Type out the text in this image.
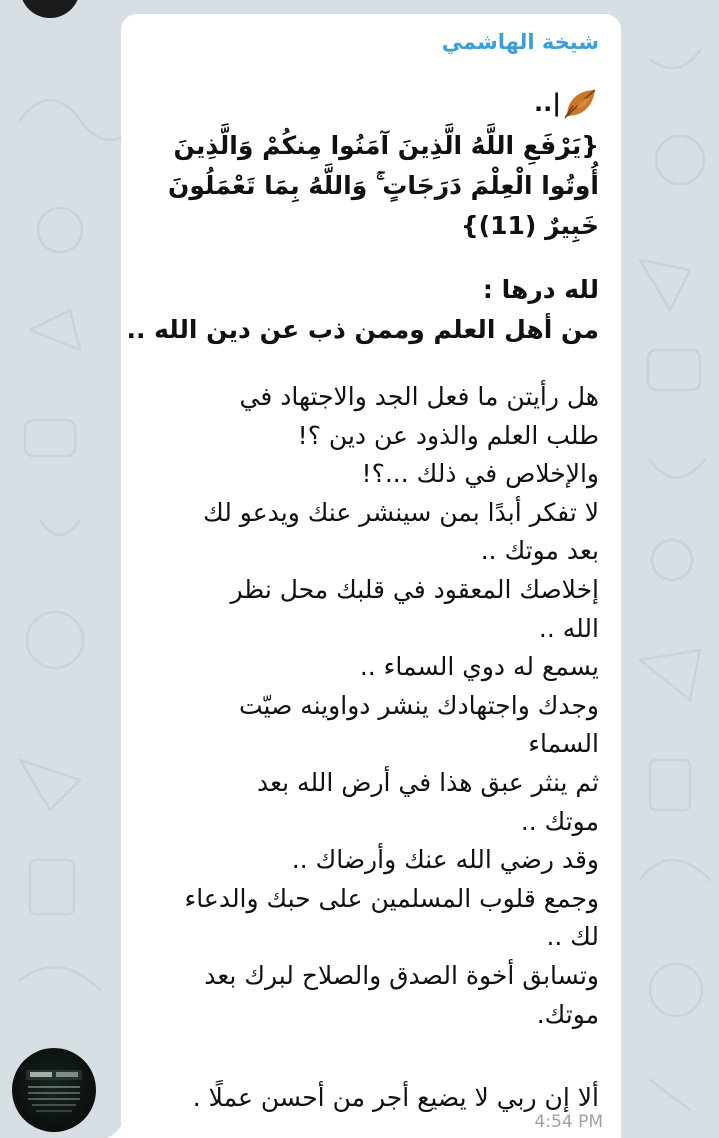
شيخة الهاشمي
..|
{يَرْفَعِ اللَّهُ الَّذِينَ آمَنُوا مِنكُمْ وَالَّذِينَ
أُوتُوا الْعِلْمَ دَرَجَاتٍ ۚ وَاللَّهُ بِمَا تَعْمَلُونَ
خَبِيرٌ (11)}
لله درها :
من أهل العلم وممن ذب عن دين الله ..
هل رأيتن ما فعل الجد والاجتهاد في
طلب العلم والذود عن دين ؟!
والإخلاص في ذلك ...؟!
لا تفكر أبدًا بمن سينشر عنك ويدعو لك
بعد موتك ..
إخلاصك المعقود في قلبك محل نظر
الله ..
يسمع له دوي السماء ..
وجدك واجتهادك ينشر دواوينه صيّت
السماء
ثم ينثر عبق هذا في أرض الله بعد
موتك ..
وقد رضي الله عنك وأرضاك ..
وجمع قلوب المسلمين على حبك والدعاء
لك ..
وتسابق أخوة الصدق والصلاح لبرك بعد
موتك.
ألا إن ربي لا يضيع أجر من أحسن عملًا .
4:54 PM
